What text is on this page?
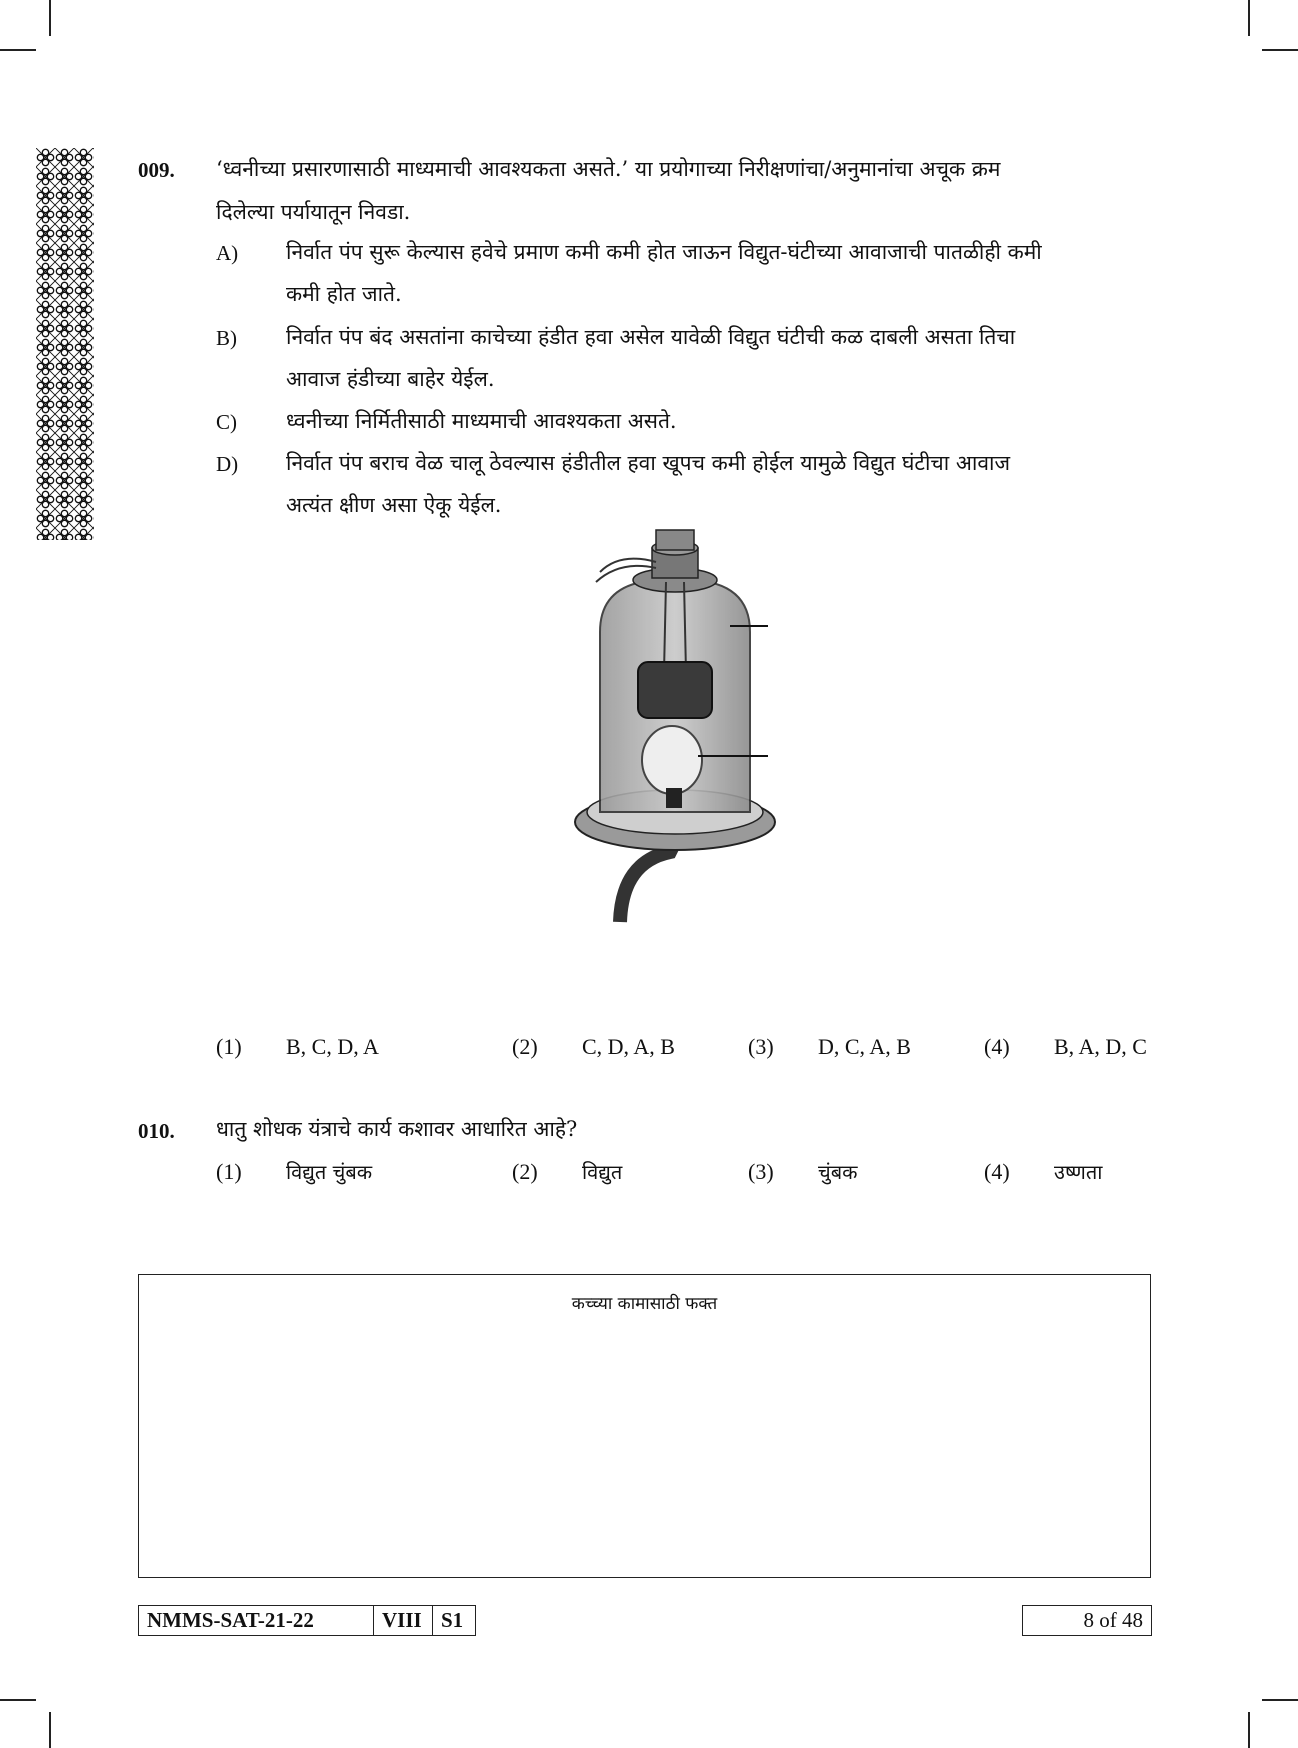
009. ‘ध्वनीच्या प्रसारणासाठी माध्यमाची आवश्यकता असते.’ या प्रयोगाच्या निरीक्षणांचा/अनुमानांचा अचूक क्रम
दिलेल्या पर्यायातून निवडा.
A) निर्वात पंप सुरू केल्यास हवेचे प्रमाण कमी कमी होत जाऊन विद्युत-घंटीच्या आवाजाची पातळीही कमी
कमी होत जाते.
B) निर्वात पंप बंद असतांना काचेच्या हंडीत हवा असेल यावेळी विद्युत घंटीची कळ दाबली असता तिचा
आवाज हंडीच्या बाहेर येईल.
C) ध्वनीच्या निर्मितीसाठी माध्यमाची आवश्यकता असते.
D) निर्वात पंप बराच वेळ चालू ठेवल्यास हंडीतील हवा खूपच कमी होईल यामुळे विद्युत घंटीचा आवाज
अत्यंत क्षीण असा ऐकू येईल.
(1) B, C, D, A	(2) C, D, A, B	(3) D, C, A, B	(4) B, A, D, C
010. धातु शोधक यंत्राचे कार्य कशावर आधारित आहे?
(1) विद्युत चुंबक	(2) विद्युत	(3) चुंबक	(4) उष्णता
कच्च्या कामासाठी फक्त
NMMS-SAT-21-22	VIII S1	8 of 48
